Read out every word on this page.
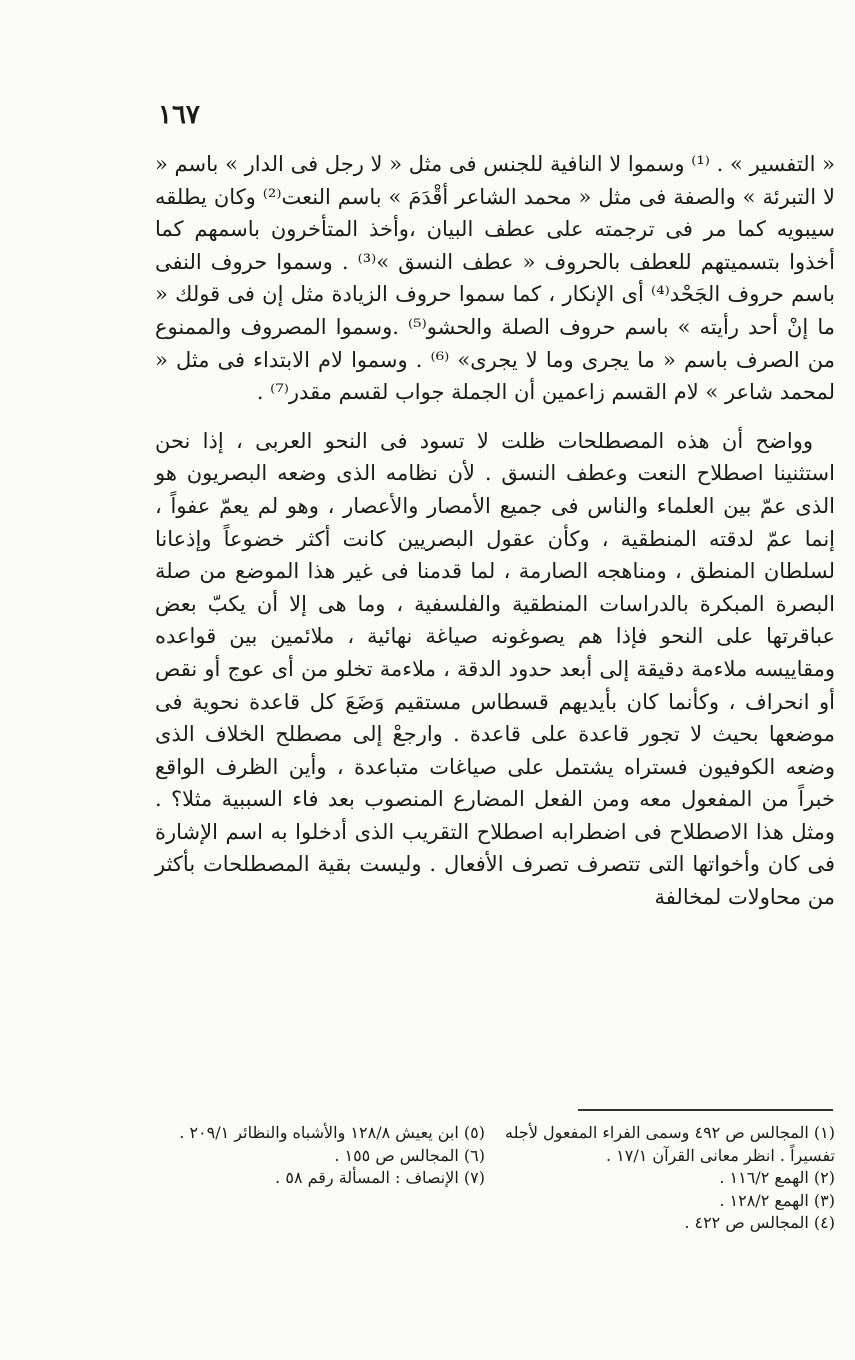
١٦٧

« التفسير » . ⁽¹⁾ وسموا لا النافية للجنس فى مثل « لا رجل فى الدار » باسم « لا التبرئة » والصفة فى مثل « محمد الشاعر أقْدَمَ » باسم النعت⁽²⁾ وكان يطلقه سيبويه كما مر فى ترجمته على عطف البيان ،وأخذ المتأخرون باسمهم كما أخذوا بتسميتهم للعطف بالحروف « عطف النسق »⁽³⁾ . وسموا حروف النفى باسم حروف الجَحْد⁽⁴⁾ أى الإنكار ، كما سموا حروف الزيادة مثل إن فى قولك « ما إنْ أحد رأيته » باسم حروف الصلة والحشو⁽⁵⁾ .وسموا المصروف والممنوع من الصرف باسم « ما يجرى وما لا يجرى» ⁽⁶⁾ . وسموا لام الابتداء فى مثل « لمحمد شاعر » لام القسم زاعمين أن الجملة جواب لقسم مقدر⁽⁷⁾ .

وواضح أن هذه المصطلحات ظلت لا تسود فى النحو العربى ، إذا نحن استثنينا اصطلاح النعت وعطف النسق . لأن نظامه الذى وضعه البصريون هو الذى عمّ بين العلماء والناس فى جميع الأمصار والأعصار ، وهو لم يعمّ عفواً ، إنما عمّ لدقته المنطقية ، وكأن عقول البصريين كانت أكثر خضوعاً وإذعانا لسلطان المنطق ، ومناهجه الصارمة ، لما قدمنا فى غير هذا الموضع من صلة البصرة المبكرة بالدراسات المنطقية والفلسفية ، وما هى إلا أن يكبّ بعض عباقرتها على النحو فإذا هم يصوغونه صياغة نهائية ، ملائمين بين قواعده ومقاييسه ملاءمة دقيقة إلى أبعد حدود الدقة ، ملاءمة تخلو من أى عوج أو نقص أو انحراف ، وكأنما كان بأيديهم قسطاس مستقيم وَضَعَ كل قاعدة نحوية فى موضعها بحيث لا تجور قاعدة على قاعدة . وارجعْ إلى مصطلح الخلاف الذى وضعه الكوفيون فستراه يشتمل على صياغات متباعدة ، وأين الظرف الواقع خبراً من المفعول معه ومن الفعل المضارع المنصوب بعد فاء السببية مثلا؟ . ومثل هذا الاصطلاح فى اضطرابه اصطلاح التقريب الذى أدخلوا به اسم الإشارة فى كان وأخواتها التى تتصرف تصرف الأفعال . وليست بقية المصطلحات بأكثر من محاولات لمخالفة

(١) المجالس ص ٤٩٢ وسمى الفراء المفعول لأجله تفسيراً . انظر معانى القرآن ١٧/١ .
(٢) الهمع ١١٦/٢ .
(٣) الهمع ١٢٨/٢ .
(٤) المجالس ص ٤٢٢ .
(٥) ابن يعيش ١٢٨/٨ والأشباه والنظائر ٢٠٩/١ .
(٦) المجالس ص ١٥٥ .
(٧) الإنصاف : المسألة رقم ٥٨ .
